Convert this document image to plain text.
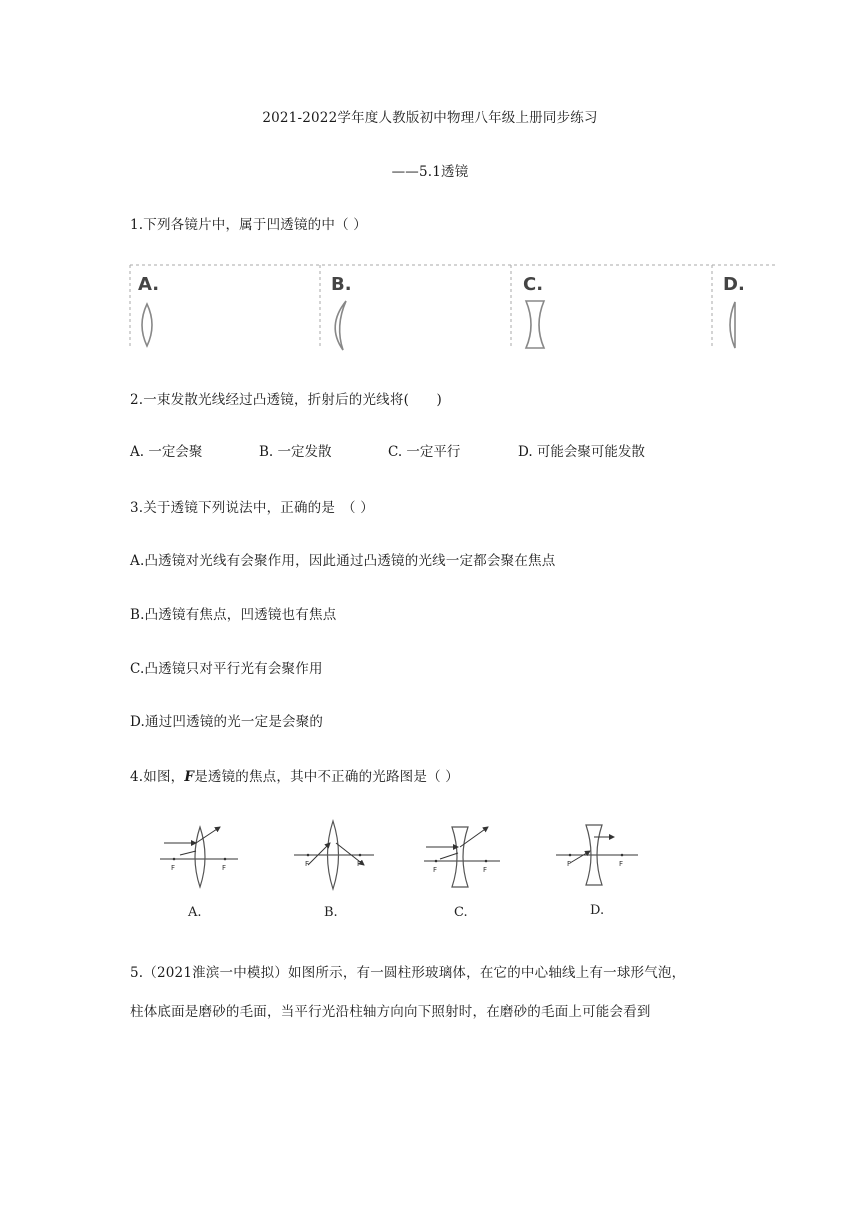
2021-2022学年度人教版初中物理八年级上册同步练习
——5.1透镜
1.下列各镜片中，属于凹透镜的中（ ）
A.	B.	C.	D.
2.一束发散光线经过凸透镜，折射后的光线将(　　)
A. 一定会聚	B. 一定发散	C. 一定平行	D. 可能会聚可能发散
3.关于透镜下列说法中，正确的是　（ ）
A.凸透镜对光线有会聚作用，因此通过凸透镜的光线一定都会聚在焦点
B.凸透镜有焦点，凹透镜也有焦点
C.凸透镜只对平行光有会聚作用
D.通过凹透镜的光一定是会聚的
4.如图，F是透镜的焦点，其中不正确的光路图是（ ）
F	F
A.
F	F
B.
F	F
C.
F	F
D.
5.（2021淮滨一中模拟）如图所示，有一圆柱形玻璃体，在它的中心轴线上有一球形气泡，
柱体底面是磨砂的毛面，当平行光沿柱轴方向向下照射时，在磨砂的毛面上可能会看到
